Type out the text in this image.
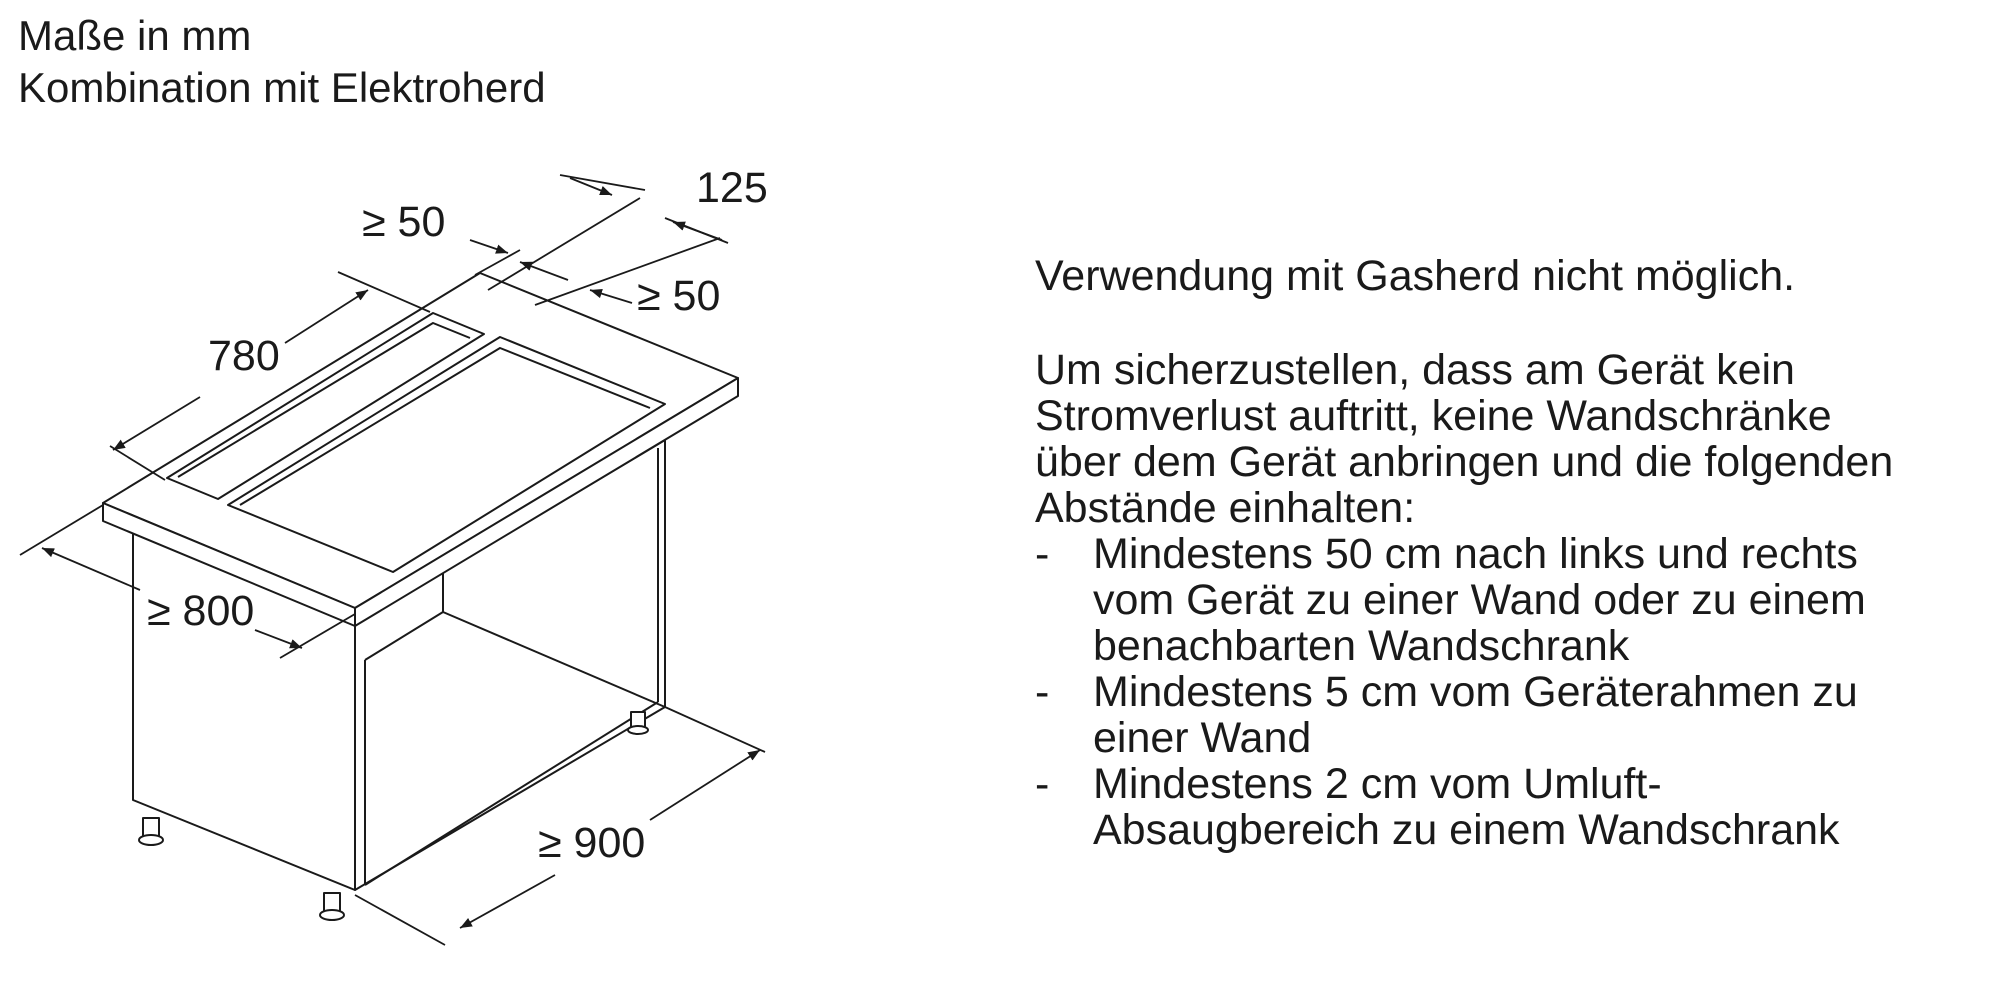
Maße in mm
Kombination mit Elektroherd
≥ 50
125
≥ 50
780
≥ 800
≥ 900

Verwendung mit Gasherd nicht möglich.

Um sicherzustellen, dass am Gerät kein

Stromverlust auftritt, keine Wandschränke

über dem Gerät anbringen und die folgenden

Abstände einhalten:

- Mindestens 50 cm nach links und rechts
vom Gerät zu einer Wand oder zu einem
benachbarten Wandschrank
- Mindestens 5 cm vom Geräterahmen zu
einer Wand
- Mindestens 2 cm vom Umluft-
Absaugbereich zu einem Wandschrank
